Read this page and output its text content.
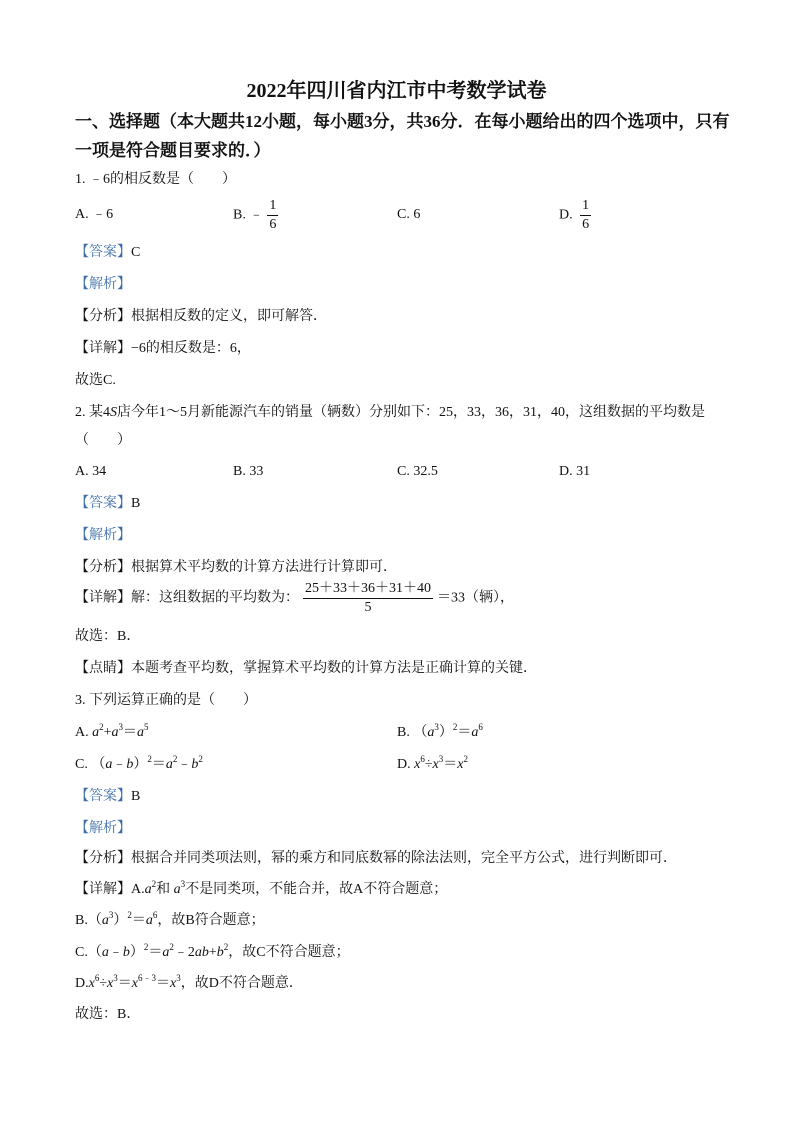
2022年四川省内江市中考数学试卷
一、选择题（本大题共12小题，每小题3分，共36分．在每小题给出的四个选项中，只有
一项是符合题目要求的．）
1. ﹣6的相反数是（　　）
A. ﹣6	B. ﹣ $\frac{1}{6}$	C. 6	D. $\frac{1}{6}$
【答案】C
【解析】
【分析】根据相反数的定义，即可解答．
【详解】−6的相反数是：6，
故选C.
2. 某4S店今年1～5月新能源汽车的销量（辆数）分别如下：25，33，36，31，40，这组数据的平均数是
（　　）
A. 34	B. 33	C. 32.5	D. 31
【答案】B
【解析】
【分析】根据算术平均数的计算方法进行计算即可．
【详解】解：这组数据的平均数为： $\frac{25+33+36+31+40}{5} =33$（辆），
故选：B．
【点睛】本题考查平均数，掌握算术平均数的计算方法是正确计算的关键．
3. 下列运算正确的是（　　）
A. $a^2+a^3=a^5$	B. $(a^3)^2=a^6$
C. $(a﹣b)^2=a^2﹣b^2$	D. $x^6\div x^3=x^2$
【答案】B
【解析】
【分析】根据合并同类项法则，幂的乘方和同底数幂的除法法则，完全平方公式，进行判断即可．
【详解】$A.a^2$和 $a^3$不是同类项，不能合并，故A不符合题意；
$B.(a^3)^2=a^6$，故B符合题意；
$C.(a﹣b)^2=a^2﹣2ab+b^2$，故C不符合题意；
$D.x^6\div x^3=x^{6﹣3}=x^3$，故D不符合题意．
故选：B．
